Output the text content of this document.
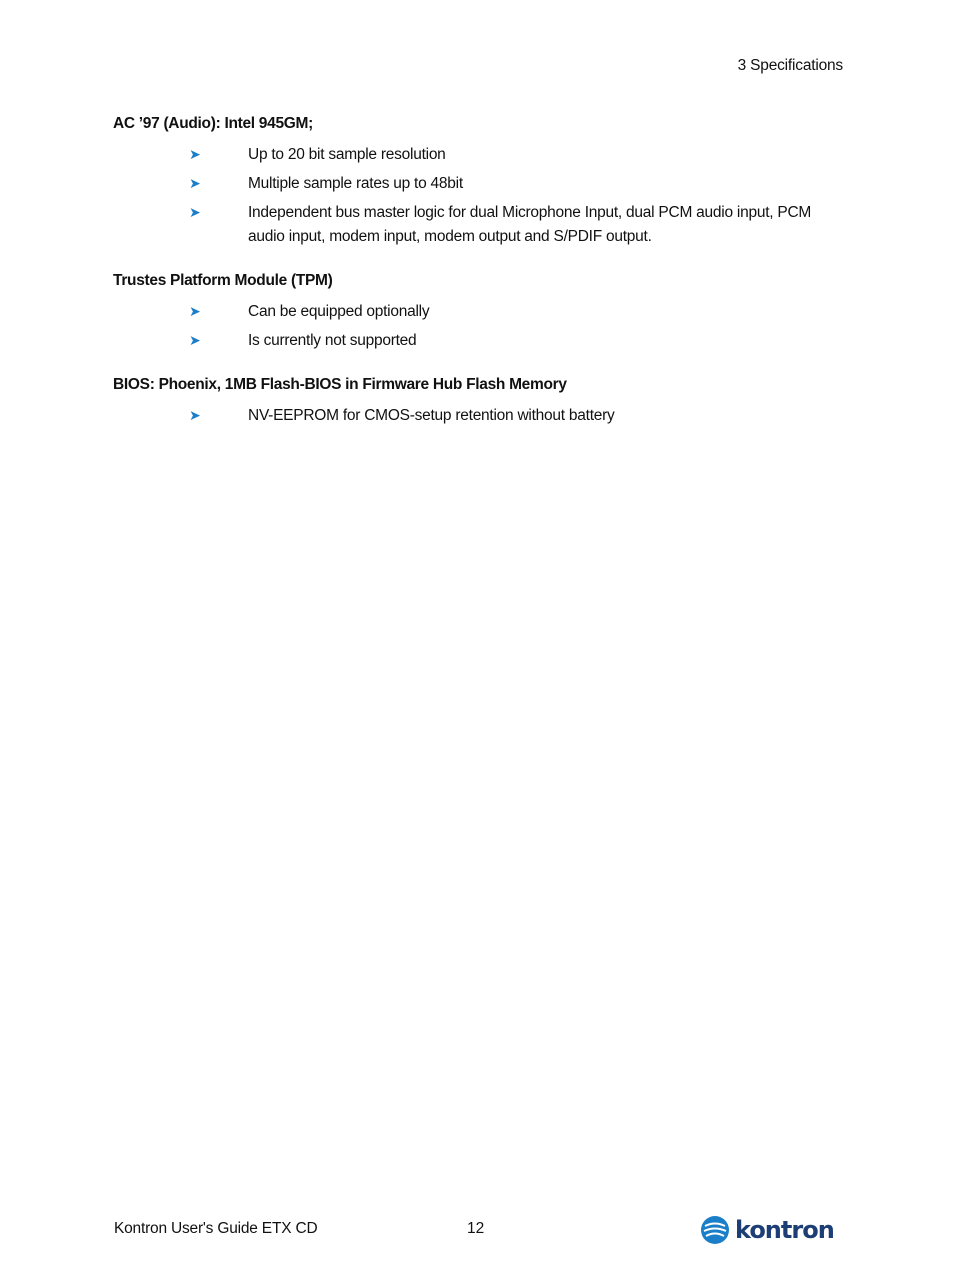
3 Specifications
AC ’97 (Audio): Intel 945GM;
➤	Up to 20 bit sample resolution
➤	Multiple sample rates up to 48bit
➤	Independent bus master logic for dual Microphone Input, dual PCM audio input, PCM audio input, modem input, modem output and S/PDIF output.
Trustes Platform Module (TPM)
➤	Can be equipped optionally
➤	Is currently not supported
BIOS: Phoenix, 1MB Flash-BIOS in Firmware Hub Flash Memory
➤	NV-EEPROM for CMOS-setup retention without battery
Kontron User's Guide ETX CD	12	kontron
